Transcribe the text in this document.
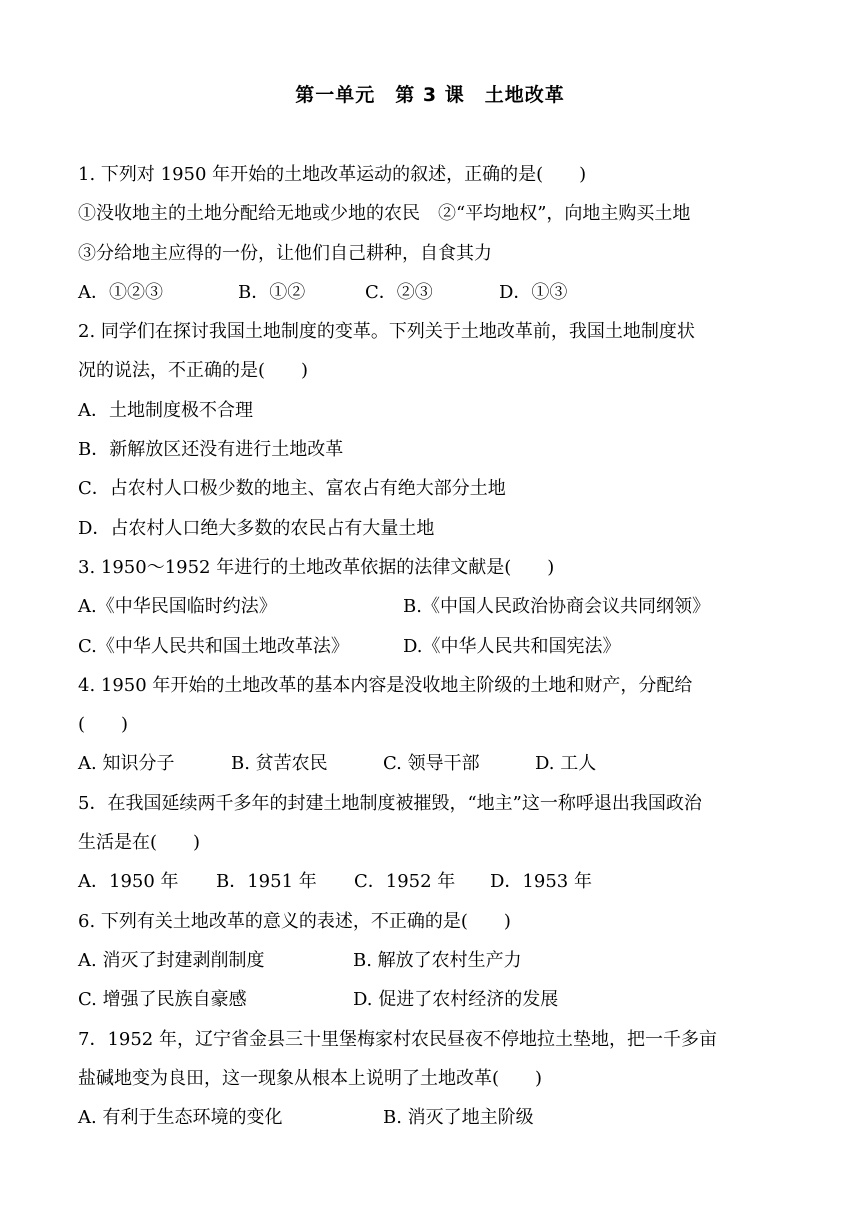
第一单元　第 3 课　土地改革
1. 下列对 1950 年开始的土地改革运动的叙述，正确的是(　　)
①没收地主的土地分配给无地或少地的农民　②“平均地权”，向地主购买土地
③分给地主应得的一份，让他们自己耕种，自食其力
A．①②③	B．①②	C．②③	D．①③
2. 同学们在探讨我国土地制度的变革。下列关于土地改革前，我国土地制度状
况的说法，不正确的是(　　)
A．土地制度极不合理
B．新解放区还没有进行土地改革
C．占农村人口极少数的地主、富农占有绝大部分土地
D．占农村人口绝大多数的农民占有大量土地
3. 1950～1952 年进行的土地改革依据的法律文献是(　　)
A.《中华民国临时约法》	B.《中国人民政治协商会议共同纲领》
C.《中华人民共和国土地改革法》	D.《中华人民共和国宪法》
4. 1950 年开始的土地改革的基本内容是没收地主阶级的土地和财产，分配给
(　　)
A. 知识分子	B. 贫苦农民	C. 领导干部	D. 工人
5．在我国延续两千多年的封建土地制度被摧毁，“地主”这一称呼退出我国政治
生活是在(　　)
A．1950 年	B．1951 年	C．1952 年	D．1953 年
6. 下列有关土地改革的意义的表述，不正确的是(　　)
A. 消灭了封建剥削制度	B. 解放了农村生产力
C. 增强了民族自豪感	D. 促进了农村经济的发展
7．1952 年，辽宁省金县三十里堡梅家村农民昼夜不停地拉土垫地，把一千多亩
盐碱地变为良田，这一现象从根本上说明了土地改革(　　)
A. 有利于生态环境的变化	B. 消灭了地主阶级
